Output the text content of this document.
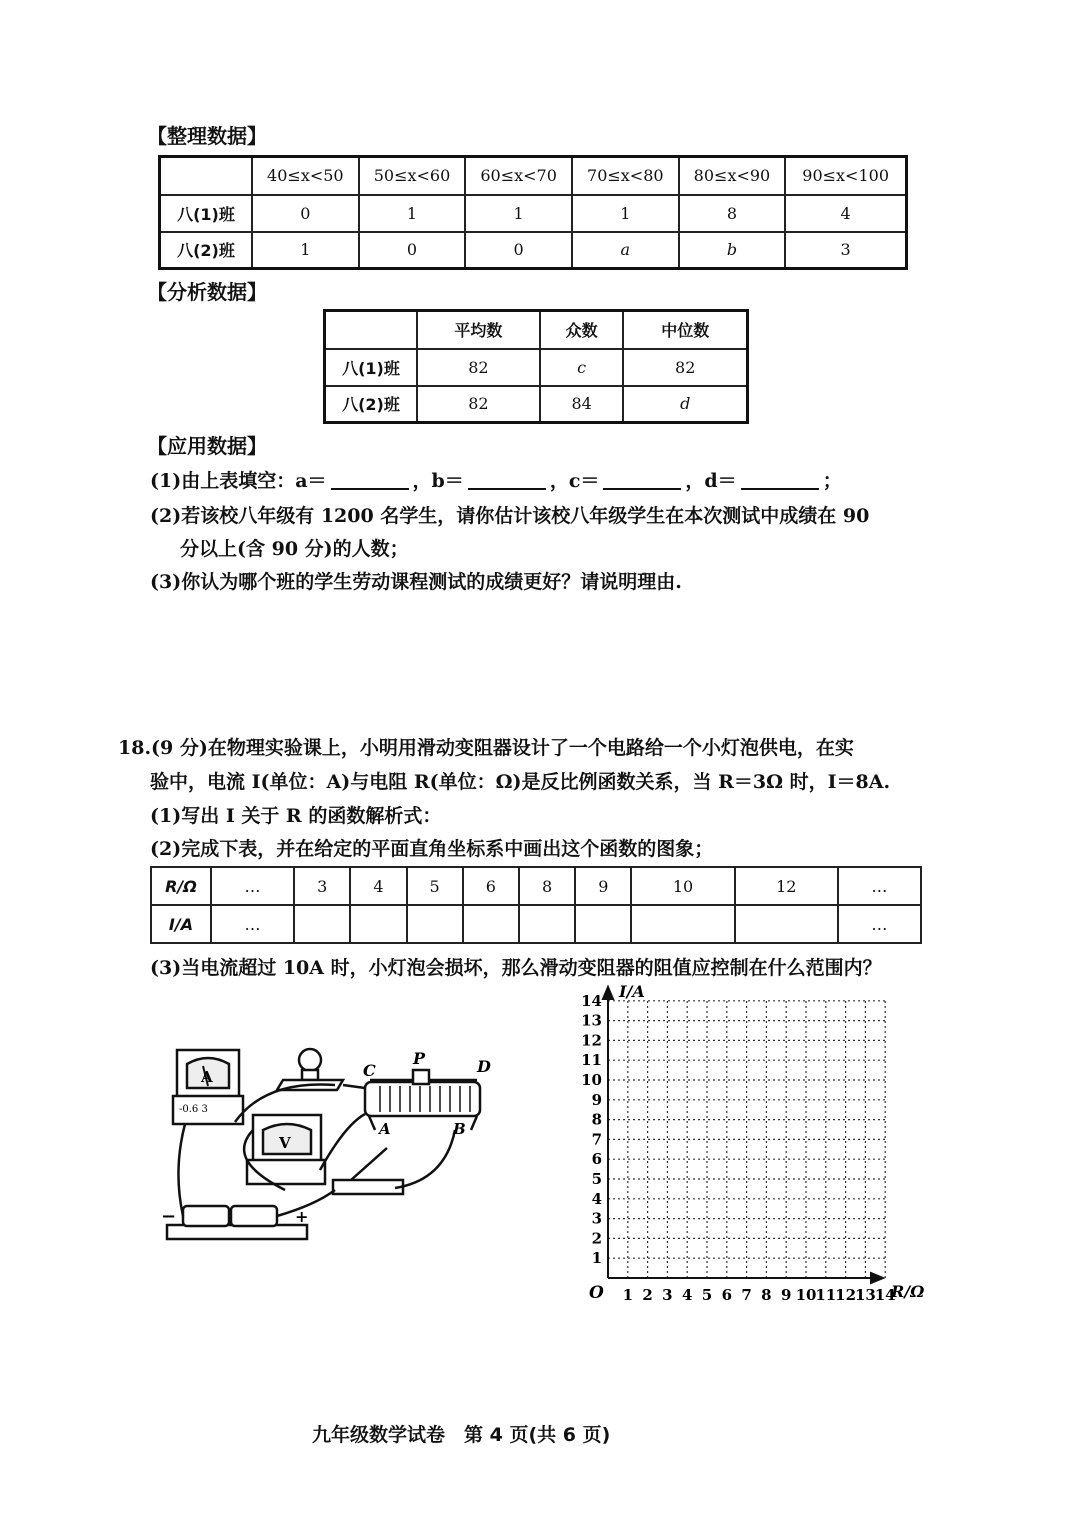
【整理数据】
	40≤x<50	50≤x<60	60≤x<70	70≤x<80	80≤x<90	90≤x<100
八(1)班	0	1	1	1	8	4
八(2)班	1	0	0	a	b	3
【分析数据】
	平均数	众数	中位数
八(1)班	82	c	82
八(2)班	82	84	d
【应用数据】
(1)由上表填空：a＝	，b＝	，c＝	，d＝	；
(2)若该校八年级有 1200 名学生，请你估计该校八年级学生在本次测试中成绩在 90
分以上(含 90 分)的人数；
(3)你认为哪个班的学生劳动课程测试的成绩更好？请说明理由.
18.(9 分)在物理实验课上，小明用滑动变阻器设计了一个电路给一个小灯泡供电，在实
验中，电流 I(单位：A)与电阻 R(单位：Ω)是反比例函数关系，当 R＝3Ω 时，I＝8A.
(1)写出 I 关于 R 的函数解析式：
(2)完成下表，并在给定的平面直角坐标系中画出这个函数的图象；
R/Ω	…	3	4	5	6	8	9	10	12	…
I/A	…									…
(3)当电流超过 10A 时，小灯泡会损坏，那么滑动变阻器的阻值应控制在什么范围内？
A
-0.6 3
V
C
P	D
A	B
−	+
1 2 3 4 5 6 7 8 9 10
11
12
13
14
1
2
3
4
5
6
7
8
9
10
11
12
13
14
O
I/A
R/Ω
九年级数学试卷　第 4 页(共 6 页)
